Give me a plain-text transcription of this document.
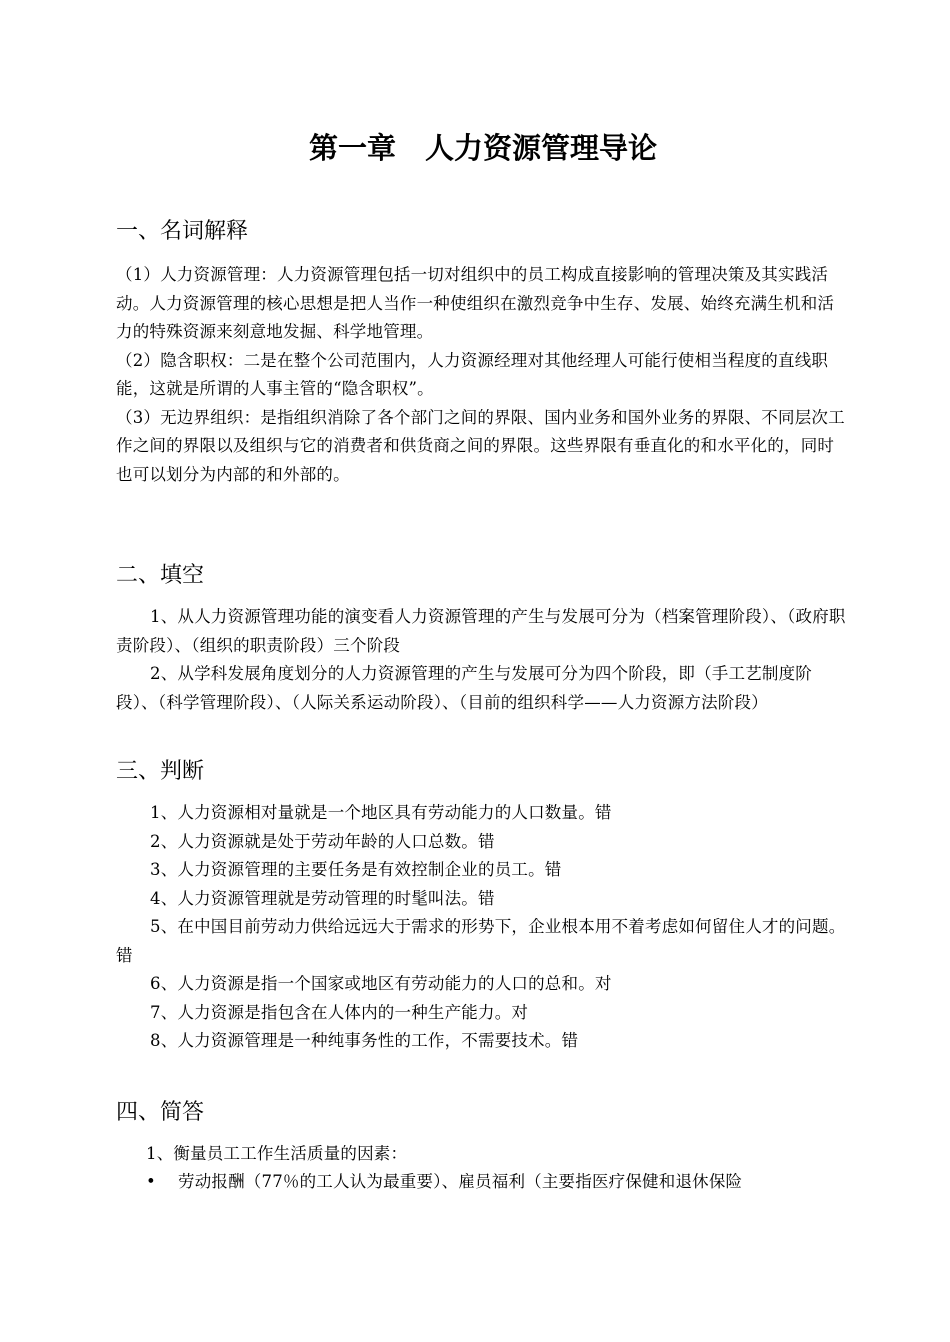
第一章　人力资源管理导论
一、名词解释

（1）人力资源管理：人力资源管理包括一切对组织中的员工构成直接影响的管理决策及其实践活动。人力资源管理的核心思想是把人当作一种使组织在激烈竞争中生存、发展、始终充满生机和活力的特殊资源来刻意地发掘、科学地管理。

（2）隐含职权：二是在整个公司范围内，人力资源经理对其他经理人可能行使相当程度的直线职能，这就是所谓的人事主管的“隐含职权”。

（3）无边界组织：是指组织消除了各个部门之间的界限、国内业务和国外业务的界限、不同层次工作之间的界限以及组织与它的消费者和供货商之间的界限。这些界限有垂直化的和水平化的，同时也可以划分为内部的和外部的。

二、填空

1、从人力资源管理功能的演变看人力资源管理的产生与发展可分为（档案管理阶段）、（政府职责阶段）、（组织的职责阶段）三个阶段

2、从学科发展角度划分的人力资源管理的产生与发展可分为四个阶段，即（手工艺制度阶段）、（科学管理阶段）、（人际关系运动阶段）、（目前的组织科学——人力资源方法阶段）

三、判断

1、人力资源相对量就是一个地区具有劳动能力的人口数量。错

2、人力资源就是处于劳动年龄的人口总数。错

3、人力资源管理的主要任务是有效控制企业的员工。错

4、人力资源管理就是劳动管理的时髦叫法。错

5、在中国目前劳动力供给远远大于需求的形势下，企业根本用不着考虑如何留住人才的问题。错

6、人力资源是指一个国家或地区有劳动能力的人口的总和。对

7、人力资源是指包含在人体内的一种生产能力。对

8、人力资源管理是一种纯事务性的工作，不需要技术。错

四、简答
1、衡量员工工作生活质量的因素：
•	劳动报酬（77％的工人认为最重要）、雇员福利（主要指医疗保健和退休保险
